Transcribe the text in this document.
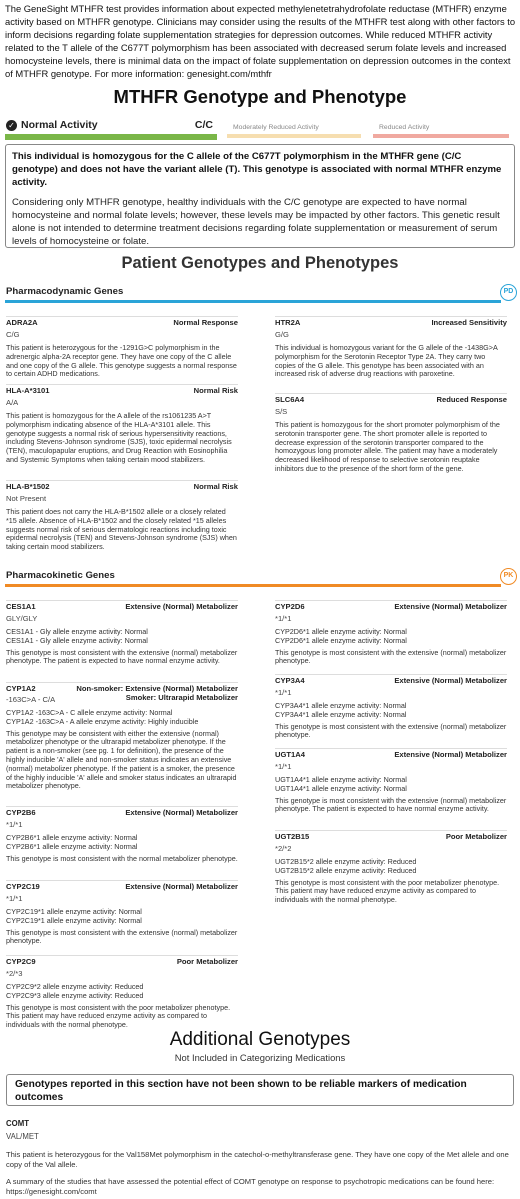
The GeneSight MTHFR test provides information about expected methylenetetrahydrofolate reductase (MTHFR) enzyme activity based on MTHFR genotype. Clinicians may consider using the results of the MTHFR test along with other factors to inform decisions regarding folate supplementation strategies for depression outcomes. While reduced MTHFR activity related to the T allele of the C677T polymorphism has been associated with decreased serum folate levels and increased homocysteine levels, there is minimal data on the impact of folate supplementation on depression outcomes in the context of MTHFR genotype. For more information: genesight.com/mthfr
MTHFR Genotype and Phenotype
✓ Normal Activity	C/C	Moderately Reduced Activity	Reduced Activity
This individual is homozygous for the C allele of the C677T polymorphism in the MTHFR gene (C/C genotype) and does not have the variant allele (T). This genotype is associated with normal MTHFR enzyme activity.
Considering only MTHFR genotype, healthy individuals with the C/C genotype are expected to have normal homocysteine and normal folate levels; however, these levels may be impacted by other factors. This genetic result alone is not intended to determine treatment decisions regarding folate supplementation or measurement of serum levels of homocysteine or folate.
Patient Genotypes and Phenotypes
Pharmacodynamic Genes	PD
ADRA2A	Normal Response
C/G
This patient is heterozygous for the -1291G>C polymorphism in the adrenergic alpha-2A receptor gene. They have one copy of the C allele and one copy of the G allele. This genotype suggests a normal response to certain ADHD medications.
HLA-A*3101	Normal Risk
A/A
This patient is homozygous for the A allele of the rs1061235 A>T polymorphism indicating absence of the HLA-A*3101 allele. This genotype suggests a normal risk of serious hypersensitivity reactions, including Stevens-Johnson syndrome (SJS), toxic epidermal necrolysis (TEN), maculopapular eruptions, and Drug Reaction with Eosinophilia and Systemic Symptoms when taking certain mood stabilizers.
HLA-B*1502	Normal Risk
Not Present
This patient does not carry the HLA-B*1502 allele or a closely related *15 allele. Absence of HLA-B*1502 and the closely related *15 alleles suggests normal risk of serious dermatologic reactions including toxic epidermal necrolysis (TEN) and Stevens-Johnson syndrome (SJS) when taking certain mood stabilizers.
HTR2A	Increased Sensitivity
G/G
This individual is homozygous variant for the G allele of the -1438G>A polymorphism for the Serotonin Receptor Type 2A. They carry two copies of the G allele. This genotype has been associated with an increased risk of adverse drug reactions with paroxetine.
SLC6A4	Reduced Response
S/S
This patient is homozygous for the short promoter polymorphism of the serotonin transporter gene. The short promoter allele is reported to decrease expression of the serotonin transporter compared to the homozygous long promoter allele. The patient may have a moderately decreased likelihood of response to selective serotonin reuptake inhibitors due to the presence of the short form of the gene.
Pharmacokinetic Genes	PK
CES1A1	Extensive (Normal) Metabolizer
GLY/GLY
CES1A1 - Gly allele enzyme activity: Normal
CES1A1 - Gly allele enzyme activity: Normal
This genotype is most consistent with the extensive (normal) metabolizer phenotype. The patient is expected to have normal enzyme activity.
CYP1A2	Non-smoker: Extensive (Normal) Metabolizer
Smoker: Ultrarapid Metabolizer
-163C>A - C/A
CYP1A2 -163C>A - C allele enzyme activity: Normal
CYP1A2 -163C>A - A allele enzyme activity: Highly inducible
This genotype may be consistent with either the extensive (normal) metabolizer phenotype or the ultrarapid metabolizer phenotype. If the patient is a non-smoker (see pg. 1 for definition), the presence of the highly inducible 'A' allele and non-smoker status indicates an extensive (normal) metabolizer phenotype. If the patient is a smoker, the presence of the highly inducible 'A' allele and smoker status indicates an ultrarapid metabolizer phenotype.
CYP2B6	Extensive (Normal) Metabolizer
*1/*1
CYP2B6*1 allele enzyme activity: Normal
CYP2B6*1 allele enzyme activity: Normal
This genotype is most consistent with the normal metabolizer phenotype.
CYP2C19	Extensive (Normal) Metabolizer
*1/*1
CYP2C19*1 allele enzyme activity: Normal
CYP2C19*1 allele enzyme activity: Normal
This genotype is most consistent with the extensive (normal) metabolizer phenotype.
CYP2C9	Poor Metabolizer
*2/*3
CYP2C9*2 allele enzyme activity: Reduced
CYP2C9*3 allele enzyme activity: Reduced
This genotype is most consistent with the poor metabolizer phenotype. This patient may have reduced enzyme activity as compared to individuals with the normal phenotype.
CYP2D6	Extensive (Normal) Metabolizer
*1/*1
CYP2D6*1 allele enzyme activity: Normal
CYP2D6*1 allele enzyme activity: Normal
This genotype is most consistent with the extensive (normal) metabolizer phenotype.
CYP3A4	Extensive (Normal) Metabolizer
*1/*1
CYP3A4*1 allele enzyme activity: Normal
CYP3A4*1 allele enzyme activity: Normal
This genotype is most consistent with the extensive (normal) metabolizer phenotype.
UGT1A4	Extensive (Normal) Metabolizer
*1/*1
UGT1A4*1 allele enzyme activity: Normal
UGT1A4*1 allele enzyme activity: Normal
This genotype is most consistent with the extensive (normal) metabolizer phenotype. The patient is expected to have normal enzyme activity.
UGT2B15	Poor Metabolizer
*2/*2
UGT2B15*2 allele enzyme activity: Reduced
UGT2B15*2 allele enzyme activity: Reduced
This genotype is most consistent with the poor metabolizer phenotype. This patient may have reduced enzyme activity as compared to individuals with the normal phenotype.
Additional Genotypes
Not Included in Categorizing Medications
Genotypes reported in this section have not been shown to be reliable markers of medication outcomes
COMT
VAL/MET
This patient is heterozygous for the Val158Met polymorphism in the catechol-o-methyltransferase gene. They have one copy of the Met allele and one copy of the Val allele.
A summary of the studies that have assessed the potential effect of COMT genotype on response to psychotropic medications can be found here: https://genesight.com/comt
